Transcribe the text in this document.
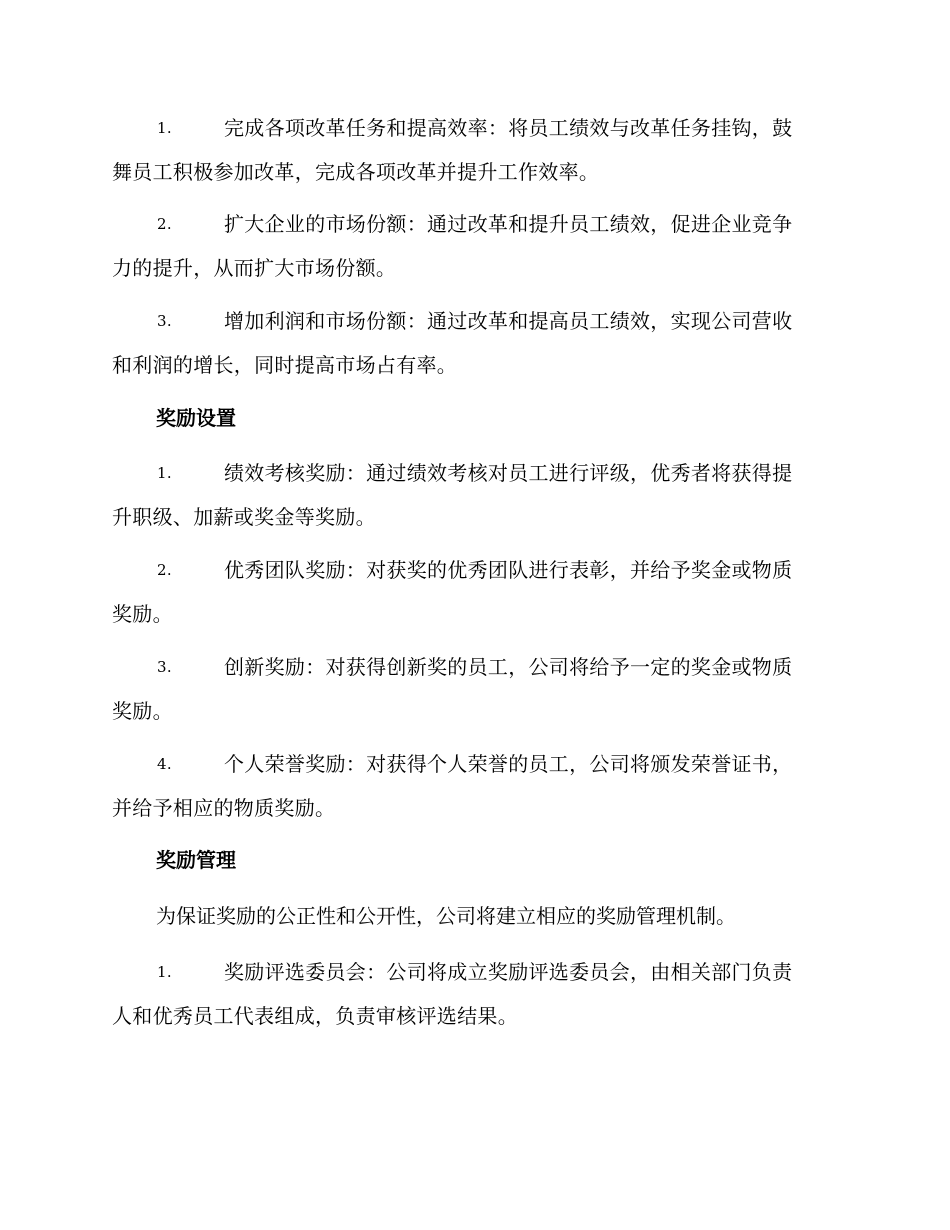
1.	完成各项改革任务和提高效率：将员工绩效与改革任务挂钩，鼓
舞员工积极参加改革，完成各项改革并提升工作效率。
2.	扩大企业的市场份额：通过改革和提升员工绩效，促进企业竞争
力的提升，从而扩大市场份额。
3.	增加利润和市场份额：通过改革和提高员工绩效，实现公司营收
和利润的增长，同时提高市场占有率。
奖励设置
1.	绩效考核奖励：通过绩效考核对员工进行评级，优秀者将获得提
升职级、加薪或奖金等奖励。
2.	优秀团队奖励：对获奖的优秀团队进行表彰，并给予奖金或物质
奖励。
3.	创新奖励：对获得创新奖的员工，公司将给予一定的奖金或物质
奖励。
4.	个人荣誉奖励：对获得个人荣誉的员工，公司将颁发荣誉证书，
并给予相应的物质奖励。
奖励管理
为保证奖励的公正性和公开性，公司将建立相应的奖励管理机制。
1.	奖励评选委员会：公司将成立奖励评选委员会，由相关部门负责
人和优秀员工代表组成，负责审核评选结果。
